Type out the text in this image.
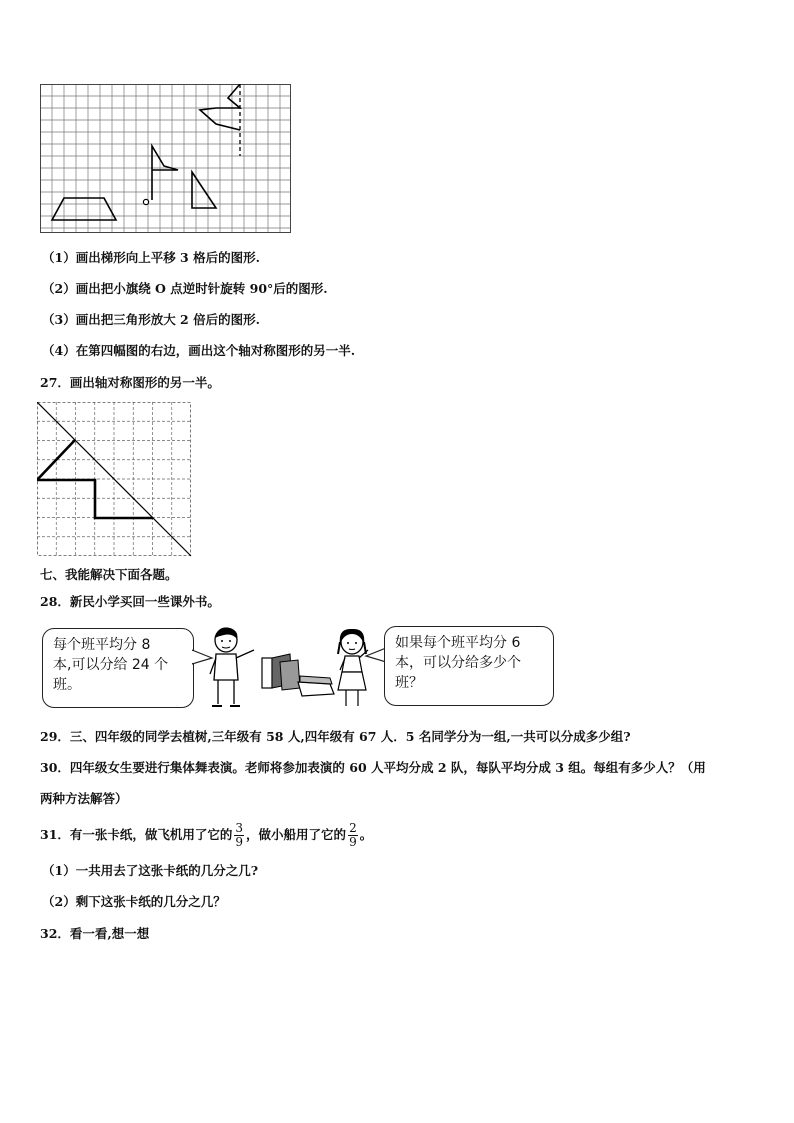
（1）画出梯形向上平移 3 格后的图形.
（2）画出把小旗绕 O 点逆时针旋转 90°后的图形.
（3）画出把三角形放大 2 倍后的图形.
（4）在第四幅图的右边，画出这个轴对称图形的另一半.
27．画出轴对称图形的另一半。
七、我能解决下面各题。
28．新民小学买回一些课外书。
每个班平均分 8
本,可以分给 24 个
班。
如果每个班平均分 6
本，可以分给多少个
班？
29．三、四年级的同学去植树,三年级有 58 人,四年级有 67 人．5 名同学分为一组,一共可以分成多少组?
30．四年级女生要进行集体舞表演。老师将参加表演的 60 人平均分成 2 队，每队平均分成 3 组。每组有多少人？（用
两种方法解答）
31．有一张卡纸，做飞机用了它的 $\frac{3}{9}$ ，做小船用了它的 $\frac{2}{9}$ 。
（1）一共用去了这张卡纸的几分之几?
（2）剩下这张卡纸的几分之几？
32．看一看,想一想
